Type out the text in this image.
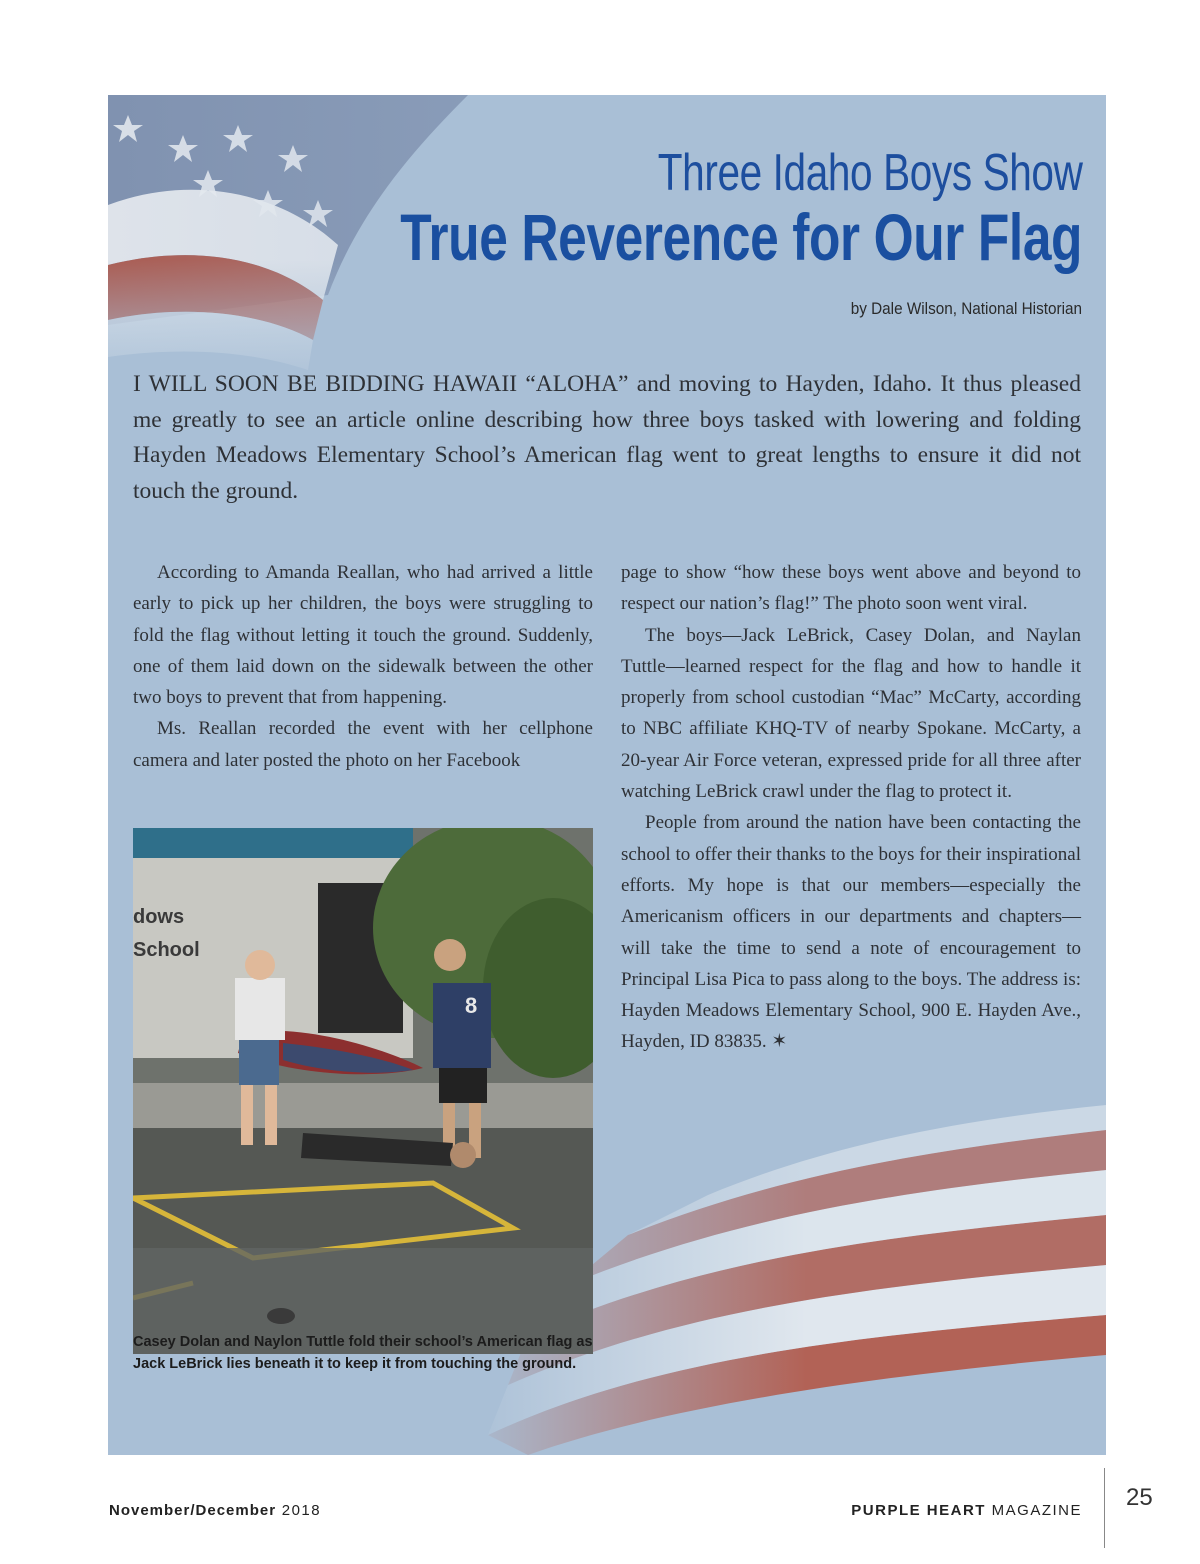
Three Idaho Boys Show
True Reverence for Our Flag
by Dale Wilson, National Historian
I WILL SOON BE BIDDING HAWAII “ALOHA” and moving to Hayden, Idaho. It thus pleased me greatly to see an article online describing how three boys tasked with lowering and folding Hayden Meadows Elementary School’s American flag went to great lengths to ensure it did not touch the ground.

According to Amanda Reallan, who had arrived a little early to pick up her children, the boys were struggling to fold the flag without letting it touch the ground. Suddenly, one of them laid down on the sidewalk between the other two boys to prevent that from happening.

Ms. Reallan recorded the event with her cellphone camera and later posted the photo on her Facebook

dows
School
8
Casey Dolan and Naylon Tuttle fold their school’s American flag as Jack LeBrick lies beneath it to keep it from touching the ground.

page to show “how these boys went above and beyond to respect our nation’s flag!” The photo soon went viral.

The boys—Jack LeBrick, Casey Dolan, and Naylan Tuttle—learned respect for the flag and how to handle it properly from school custodian “Mac” McCarty, according to NBC affiliate KHQ-TV of nearby Spokane. McCarty, a 20-year Air Force veteran, expressed pride for all three after watching LeBrick crawl under the flag to protect it.

People from around the nation have been contacting the school to offer their thanks to the boys for their inspirational efforts. My hope is that our members—especially the Americanism officers in our departments and chapters—will take the time to send a note of encouragement to Principal Lisa Pica to pass along to the boys. The address is: Hayden Meadows Elementary School, 900 E. Hayden Ave., Hayden, ID 83835. ✶

November/December 2018	PURPLE HEART MAGAZINE 25
